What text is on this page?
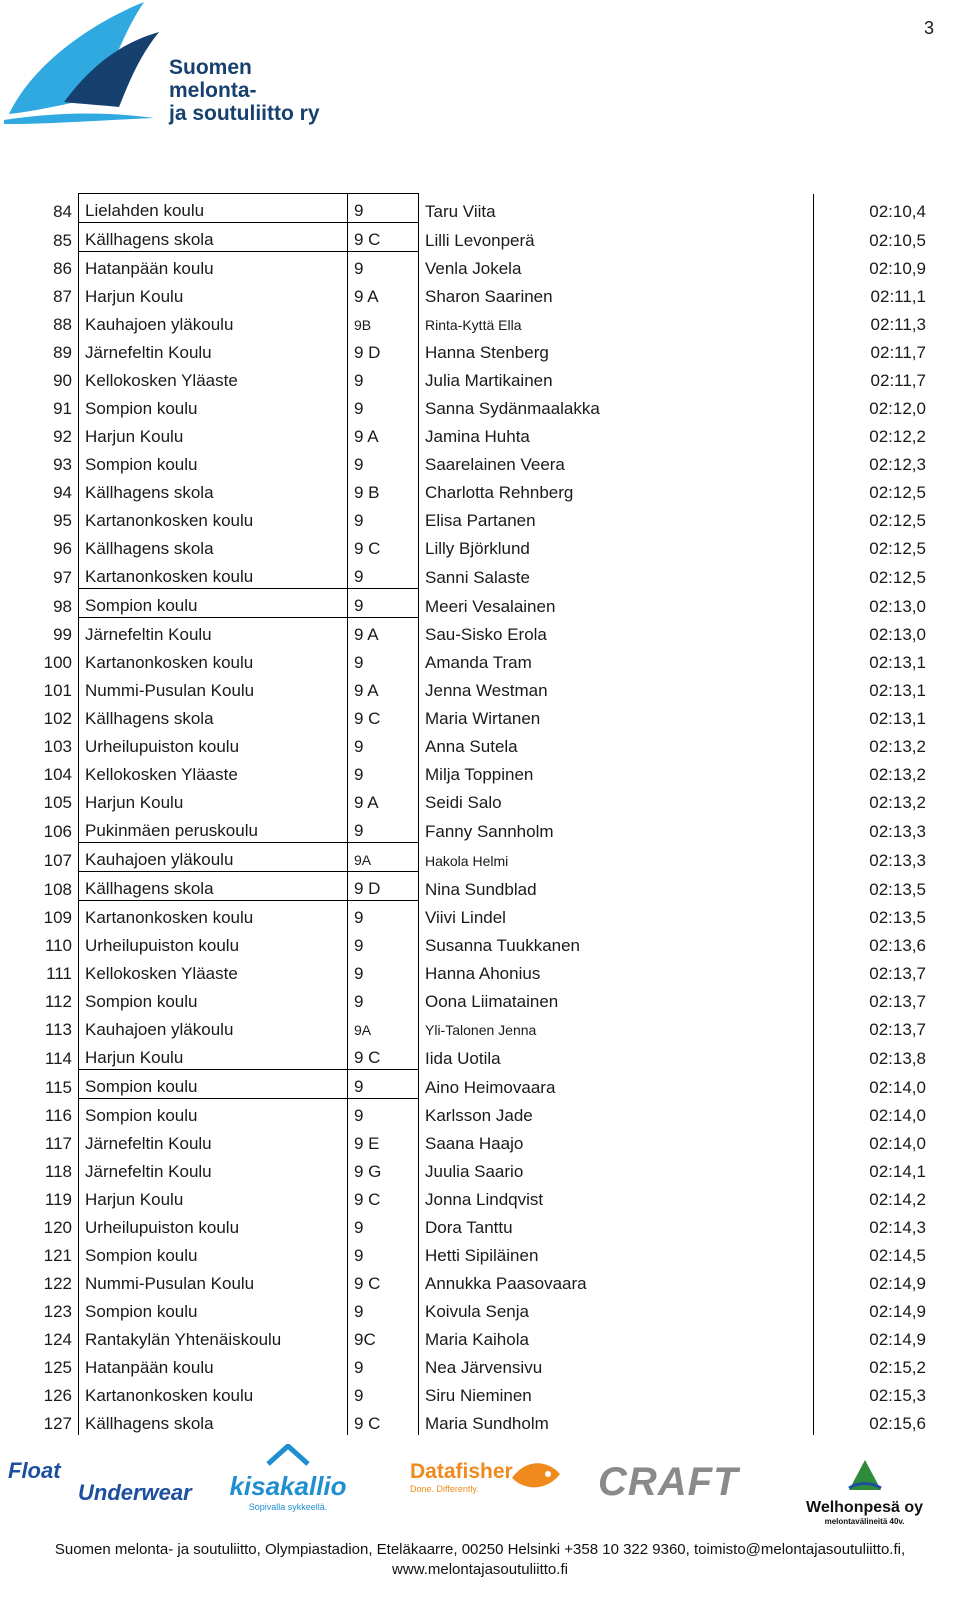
3
Suomen
melonta-
ja soutuliitto ry
84	Lielahden koulu	9	Taru Viita	02:10,4
85	Källhagens skola	9 C	Lilli Levonperä	02:10,5
86	Hatanpään koulu	9	Venla Jokela	02:10,9
87	Harjun Koulu	9 A	Sharon Saarinen	02:11,1
88	Kauhajoen yläkoulu	9B	Rinta-Kyttä Ella	02:11,3
89	Järnefeltin Koulu	9 D	Hanna Stenberg	02:11,7
90	Kellokosken Yläaste	9	Julia Martikainen	02:11,7
91	Sompion koulu	9	Sanna Sydänmaalakka	02:12,0
92	Harjun Koulu	9 A	Jamina Huhta	02:12,2
93	Sompion koulu	9	Saarelainen Veera	02:12,3
94	Källhagens skola	9 B	Charlotta Rehnberg	02:12,5
95	Kartanonkosken koulu	9	Elisa Partanen	02:12,5
96	Källhagens skola	9 C	Lilly Björklund	02:12,5
97	Kartanonkosken koulu	9	Sanni Salaste	02:12,5
98	Sompion koulu	9	Meeri Vesalainen	02:13,0
99	Järnefeltin Koulu	9 A	Sau-Sisko Erola	02:13,0
100	Kartanonkosken koulu	9	Amanda Tram	02:13,1
101	Nummi-Pusulan Koulu	9 A	Jenna Westman	02:13,1
102	Källhagens skola	9 C	Maria Wirtanen	02:13,1
103	Urheilupuiston koulu	9	Anna Sutela	02:13,2
104	Kellokosken Yläaste	9	Milja Toppinen	02:13,2
105	Harjun Koulu	9 A	Seidi Salo	02:13,2
106	Pukinmäen peruskoulu	9	Fanny Sannholm	02:13,3
107	Kauhajoen yläkoulu	9A	Hakola Helmi	02:13,3
108	Källhagens skola	9 D	Nina Sundblad	02:13,5
109	Kartanonkosken koulu	9	Viivi Lindel	02:13,5
110	Urheilupuiston koulu	9	Susanna Tuukkanen	02:13,6
111	Kellokosken Yläaste	9	Hanna Ahonius	02:13,7
112	Sompion koulu	9	Oona Liimatainen	02:13,7
113	Kauhajoen yläkoulu	9A	Yli-Talonen Jenna	02:13,7
114	Harjun Koulu	9 C	Iida Uotila	02:13,8
115	Sompion koulu	9	Aino Heimovaara	02:14,0
116	Sompion koulu	9	Karlsson Jade	02:14,0
117	Järnefeltin Koulu	9 E	Saana Haajo	02:14,0
118	Järnefeltin Koulu	9 G	Juulia Saario	02:14,1
119	Harjun Koulu	9 C	Jonna Lindqvist	02:14,2
120	Urheilupuiston koulu	9	Dora Tanttu	02:14,3
121	Sompion koulu	9	Hetti Sipiläinen	02:14,5
122	Nummi-Pusulan Koulu	9 C	Annukka Paasovaara	02:14,9
123	Sompion koulu	9	Koivula Senja	02:14,9
124	Rantakylän Yhtenäiskoulu	9C	Maria Kaihola	02:14,9
125	Hatanpään koulu	9	Nea Järvensivu	02:15,2
126	Kartanonkosken koulu	9	Siru Nieminen	02:15,3
127	Källhagens skola	9 C	Maria Sundholm	02:15,6
Float
Underwear kisakallio
Sopivalla sykkeellä.
Datafisher
Done. Differently.	CRAFT
Welhonpesä oy
melontavälineitä 40v.
Suomen melonta- ja soutuliitto, Olympiastadion, Eteläkaarre, 00250 Helsinki +358 10 322 9360, toimisto@melontajasoutuliitto.fi,
www.melontajasoutuliitto.fi
